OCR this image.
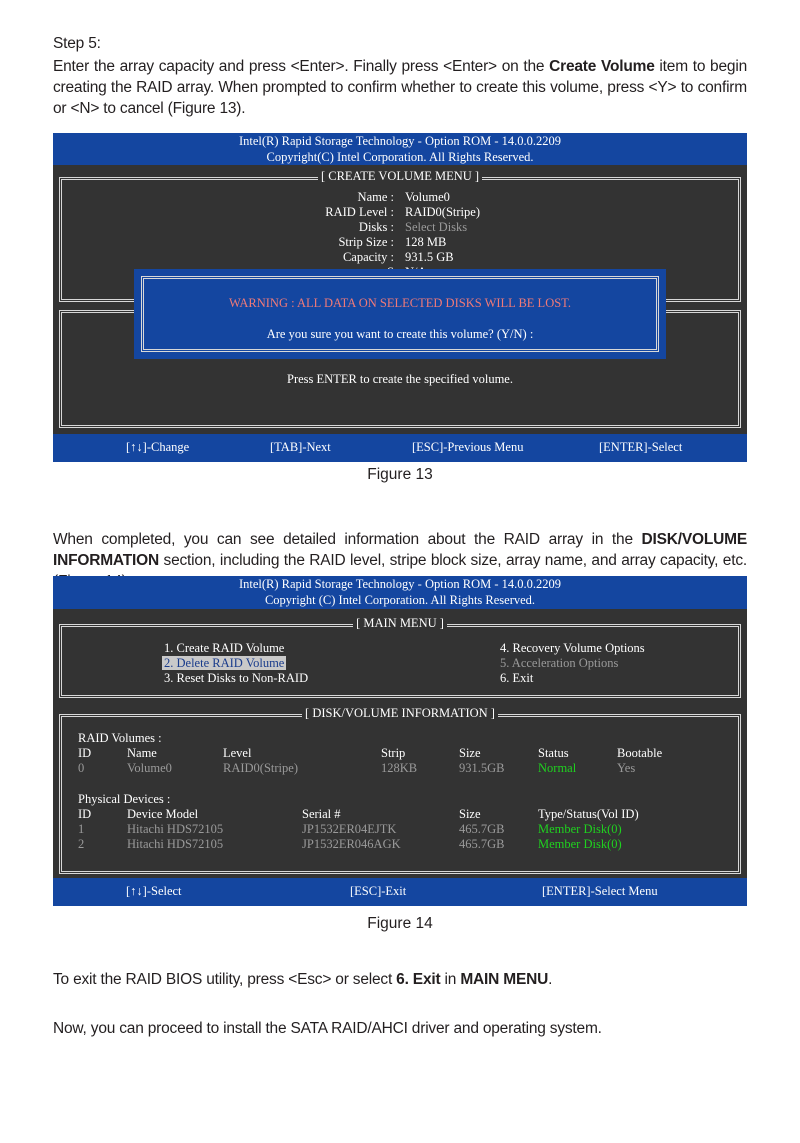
Step 5:
Enter the array capacity and press <Enter>. Finally press <Enter> on the Create Volume item to begin creating the RAID array. When prompted to confirm whether to create this volume, press <Y> to confirm or <N> to cancel (Figure 13).
Intel(R) Rapid Storage Technology - Option ROM - 14.0.0.2209
Copyright(C) Intel Corporation. All Rights Reserved.
[ CREATE VOLUME MENU ]
Name : Volume0
RAID Level : RAID0(Stripe)
Disks : Select Disks
Strip Size : 128 MB
Capacity : 931.5 GB
Press ENTER to create the specified volume.
WARNING : ALL DATA ON SELECTED DISKS WILL BE LOST.
Are you sure you want to create this volume? (Y/N) :
[↑↓]-Change	[TAB]-Next	[ESC]-Previous Menu	[ENTER]-Select
Figure 13
When completed, you can see detailed information about the RAID array in the DISK/VOLUME INFORMATION section, including the RAID level, stripe block size, array name, and array capacity, etc.
Intel(R) Rapid Storage Technology - Option ROM - 14.0.0.2209
Copyright (C) Intel Corporation. All Rights Reserved.
[ MAIN MENU ]
1. Create RAID Volume
2. Delete RAID Volume
3. Reset Disks to Non-RAID
4. Recovery Volume Options
5. Acceleration Options
6. Exit
[ DISK/VOLUME INFORMATION ]
RAID Volumes :
ID	Name	Level	Strip	Size	Status	Bootable
0	Volume0	RAID0(Stripe)	128KB	931.5GB	Normal	Yes
Physical Devices :
ID	Device Model	Serial #	Size	Type/Status(Vol ID)
1	Hitachi HDS72105	JP1532ER04EJTK	465.7GB	Member Disk(0)
2	Hitachi HDS72105	JP1532ER046AGK	465.7GB	Member Disk(0)
[↑↓]-Select	[ESC]-Exit	[ENTER]-Select Menu
Figure 14
To exit the RAID BIOS utility, press <Esc> or select 6. Exit in MAIN MENU.
Now, you can proceed to install the SATA RAID/AHCI driver and operating system.
